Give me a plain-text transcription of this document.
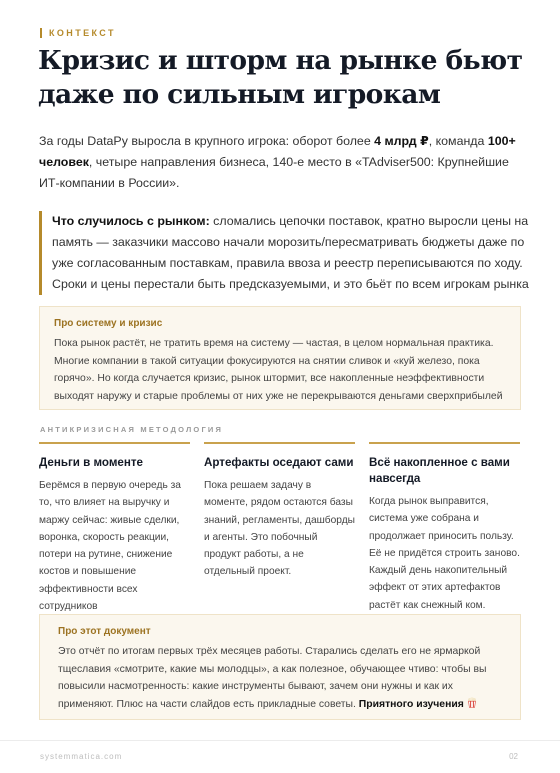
КОНТЕКСТ
Кризис и шторм на рынке бьют даже по сильным игрокам
За годы DataРу выросла в крупного игрока: оборот более 4 млрд ₽, команда 100+ человек, четыре направления бизнеса, 140-е место в «TAdviser500: Крупнейшие ИТ-компании в России».
Что случилось с рынком: сломались цепочки поставок, кратно выросли цены на память — заказчики массово начали морозить/пересматривать бюджеты даже по уже согласованным поставкам, правила ввоза и реестр переписываются по ходу. Сроки и цены перестали быть предсказуемыми, и это бьёт по всем игрокам рынка
Про систему и кризис
Пока рынок растёт, не тратить время на систему — частая, в целом нормальная практика. Многие компании в такой ситуации фокусируются на снятии сливок и «куй железо, пока горячо». Но когда случается кризис, рынок штормит, все накопленные неэффективности выходят наружу и старые проблемы от них уже не перекрываются деньгами сверхприбылей
АНТИКРИЗИСНАЯ МЕТОДОЛОГИЯ
Деньги в моменте
Берёмся в первую очередь за то, что влияет на выручку и маржу сейчас: живые сделки, воронка, скорость реакции, потери на рутине, снижение костов и повышение эффективности всех сотрудников
Артефакты оседают сами
Пока решаем задачу в моменте, рядом остаются базы знаний, регламенты, дашборды и агенты. Это побочный продукт работы, а не отдельный проект.
Всё накопленное с вами навсегда
Когда рынок выправится, система уже собрана и продолжает приносить пользу. Её не придётся строить заново. Каждый день накопительный эффект от этих артефактов растёт как снежный ком.
Про этот документ
Это отчёт по итогам первых трёх месяцев работы. Старались сделать его не ярмаркой тщеславия «смотрите, какие мы молодцы», а как полезное, обучающее чтиво: чтобы вы повысили насмотренность: какие инструменты бывают, зачем они нужны и как их применяют. Плюс на части слайдов есть прикладные советы. Приятного изучения
systemmatica.com	02
